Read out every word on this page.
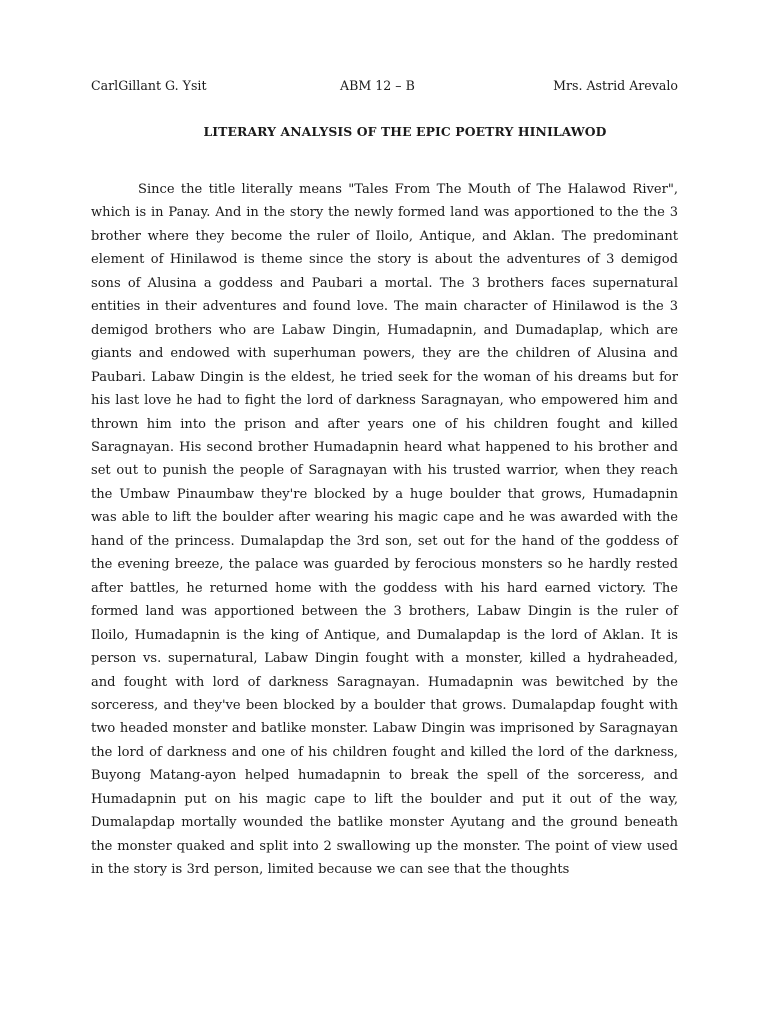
CarlGillant G. Ysit	ABM 12 – B	Mrs. Astrid Arevalo
LITERARY ANALYSIS OF THE EPIC POETRY HINILAWOD

Since the title literally means "Tales From The Mouth of The Halawod River", which is in Panay. And in the story the newly formed land was apportioned to the the 3 brother where they become the ruler of Iloilo, Antique, and Aklan. The predominant element of Hinilawod is theme since the story is about the adventures of 3 demigod sons of Alusina a goddess and Paubari a mortal. The 3 brothers faces supernatural entities in their adventures and found love. The main character of Hinilawod is the 3 demigod brothers who are Labaw Dingin, Humadapnin, and Dumadaplap, which are giants and endowed with superhuman powers, they are the children of Alusina and Paubari. Labaw Dingin is the eldest, he tried seek for the woman of his dreams but for his last love he had to fight the lord of darkness Saragnayan, who empowered him and thrown him into the prison and after years one of his children fought and killed Saragnayan. His second brother Humadapnin heard what happened to his brother and set out to punish the people of Saragnayan with his trusted warrior, when they reach the Umbaw Pinaumbaw they're blocked by a huge boulder that grows, Humadapnin was able to lift the boulder after wearing his magic cape and he was awarded with the hand of the princess. Dumalapdap the 3rd son, set out for the hand of the goddess of the evening breeze, the palace was guarded by ferocious monsters so he hardly rested after battles, he returned home with the goddess with his hard earned victory. The formed land was apportioned between the 3 brothers, Labaw Dingin is the ruler of Iloilo, Humadapnin is the king of Antique, and Dumalapdap is the lord of Aklan. It is person vs. supernatural, Labaw Dingin fought with a monster, killed a hydraheaded, and fought with lord of darkness Saragnayan. Humadapnin was bewitched by the sorceress, and they've been blocked by a boulder that grows. Dumalapdap fought with two headed monster and batlike monster. Labaw Dingin was imprisoned by Saragnayan the lord of darkness and one of his children fought and killed the lord of the darkness, Buyong Matang-ayon helped humadapnin to break the spell of the sorceress, and Humadapnin put on his magic cape to lift the boulder and put it out of the way, Dumalapdap mortally wounded the batlike monster Ayutang and the ground beneath the monster quaked and split into 2 swallowing up the monster. The point of view used in the story is 3rd person, limited because we can see that the thoughts
